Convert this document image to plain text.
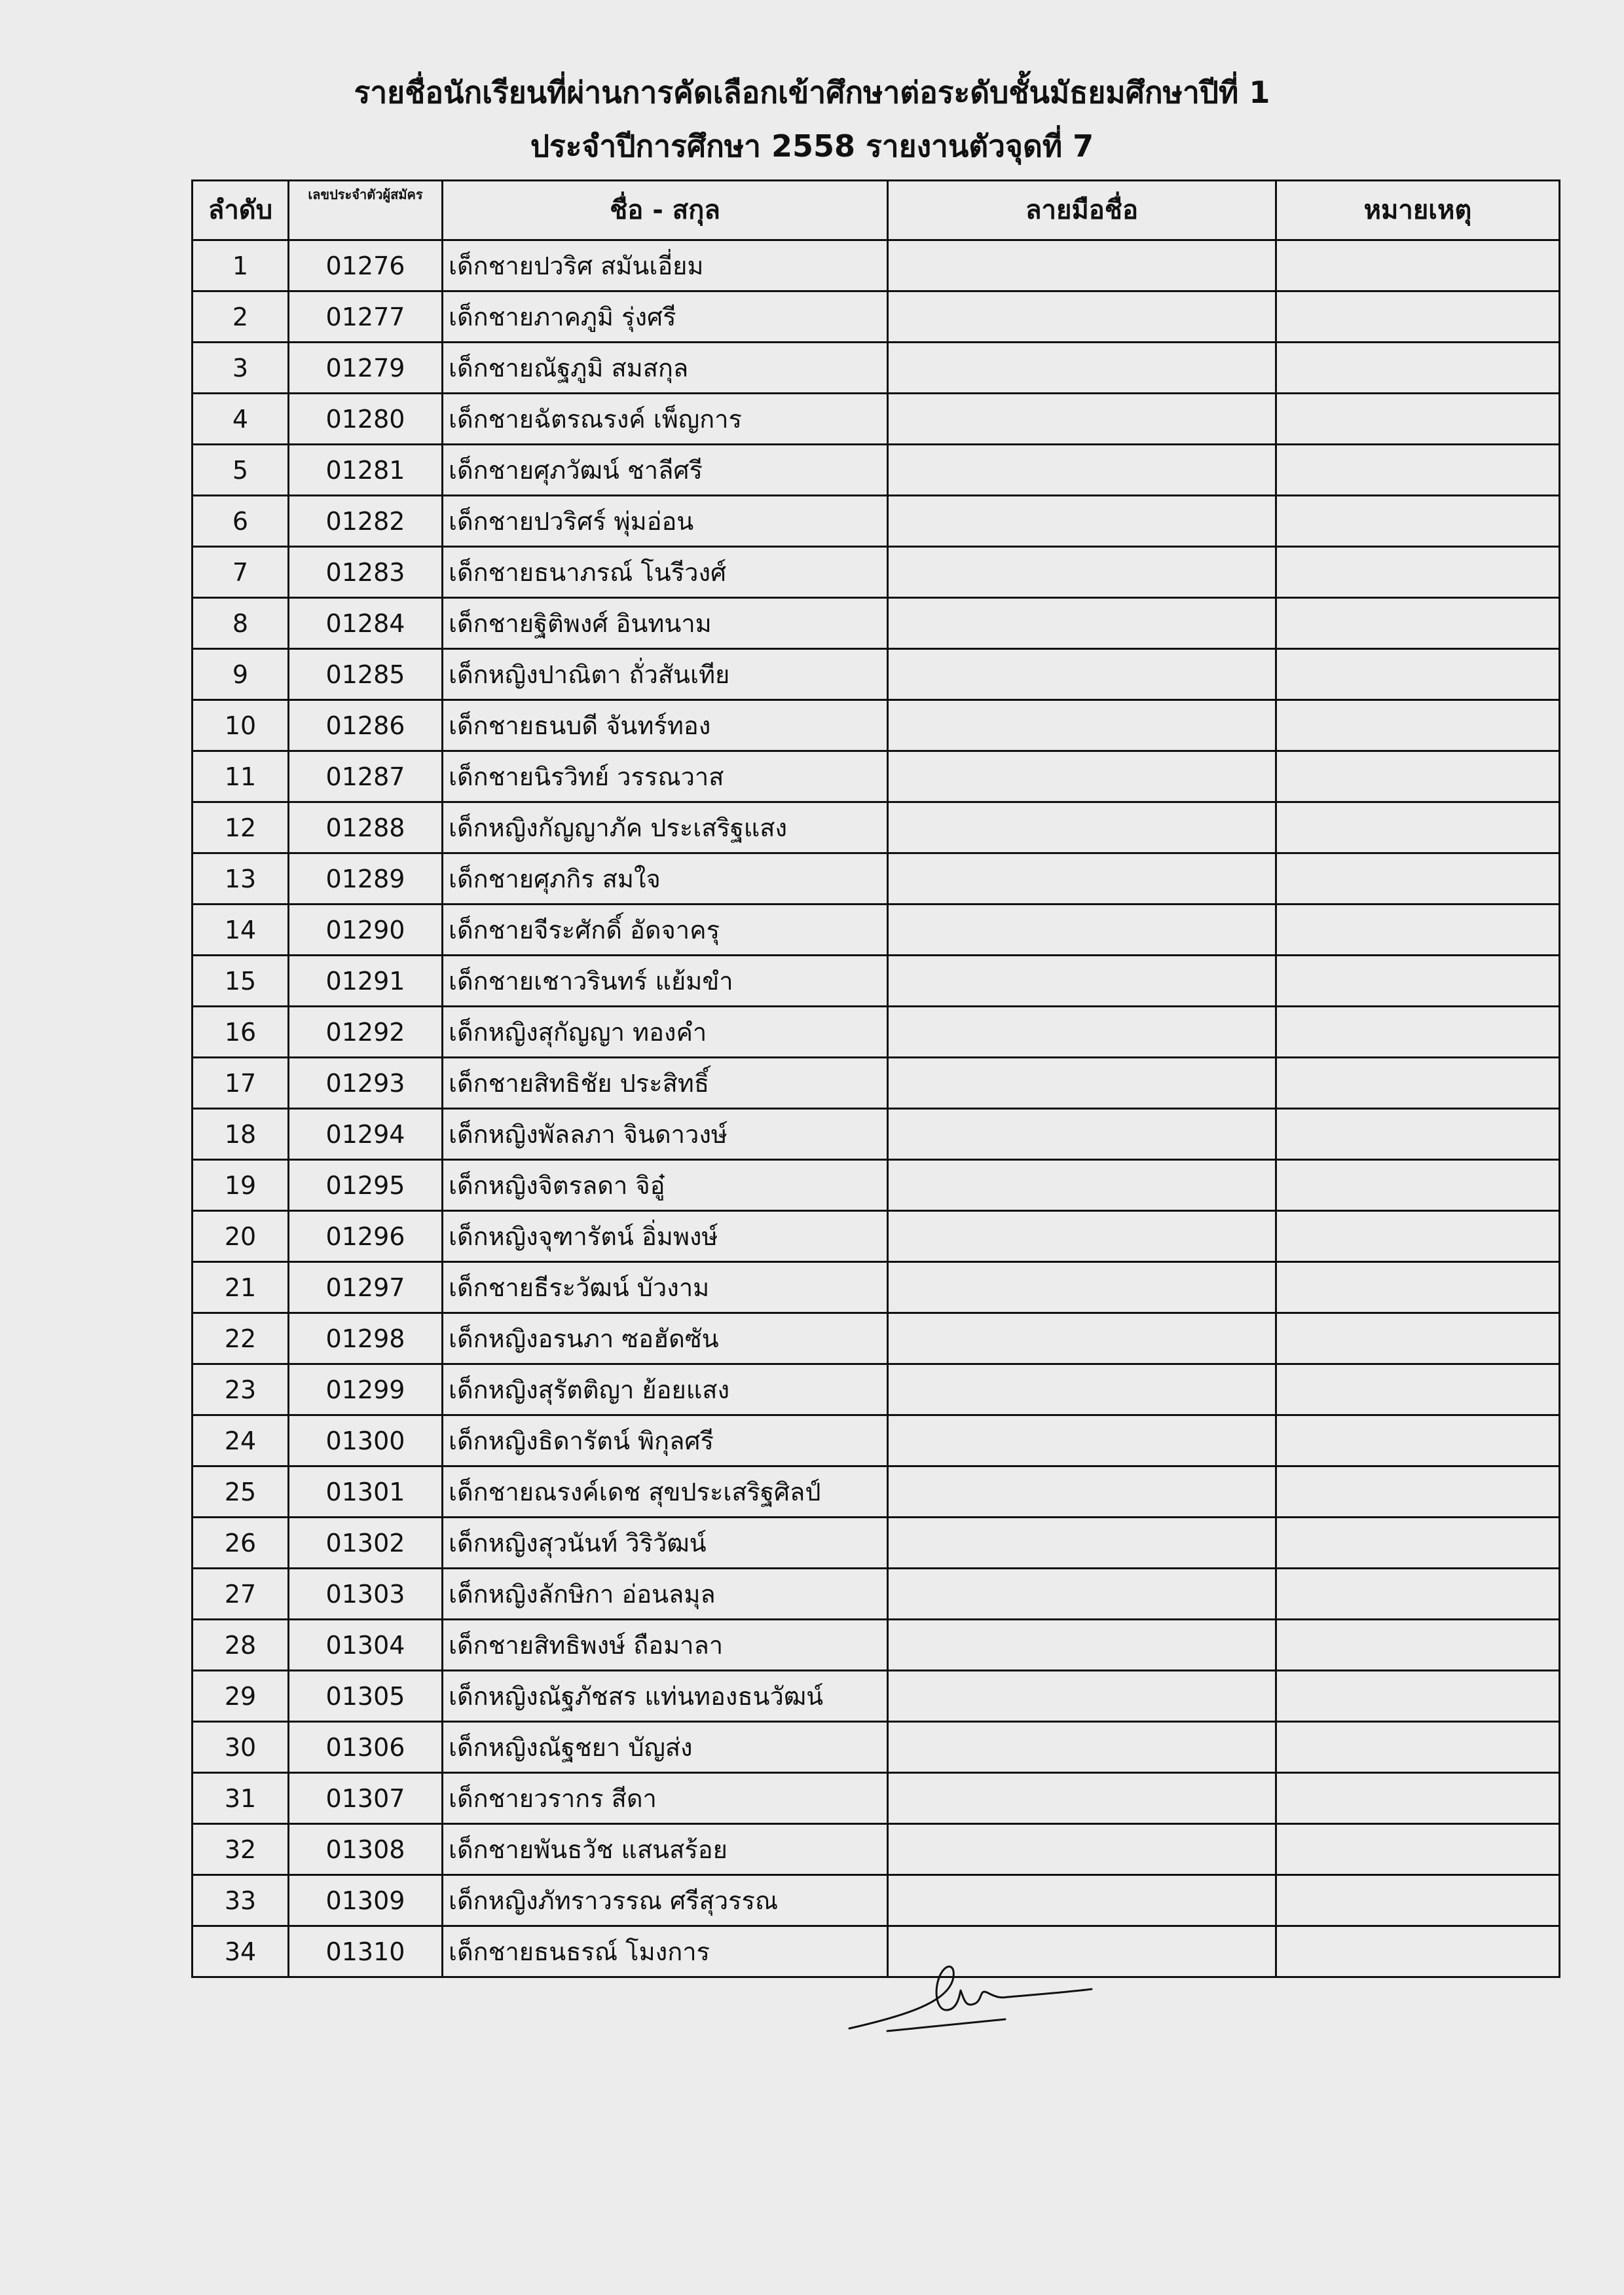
รายชื่อนักเรียนที่ผ่านการคัดเลือกเข้าศึกษาต่อระดับชั้นมัธยมศึกษาปีที่ 1
ประจำปีการศึกษา 2558 รายงานตัวจุดที่ 7
ลำดับ	เลขประจำตัวผู้สมัคร	ชื่อ - สกุล	ลายมือชื่อ	หมายเหตุ
1	01276	เด็กชายปวริศ สมันเอี่ยม		
2	01277	เด็กชายภาคภูมิ รุ่งศรี		
3	01279	เด็กชายณัฐภูมิ สมสกุล		
4	01280	เด็กชายฉัตรณรงค์ เพ็ญการ		
5	01281	เด็กชายศุภวัฒน์ ชาลีศรี		
6	01282	เด็กชายปวริศร์ พุ่มอ่อน		
7	01283	เด็กชายธนาภรณ์ โนรีวงศ์		
8	01284	เด็กชายฐิติพงศ์ อินทนาม		
9	01285	เด็กหญิงปาณิตา ถั่วสันเทีย		
10	01286	เด็กชายธนบดี จันทร์ทอง		
11	01287	เด็กชายนิรวิทย์ วรรณวาส		
12	01288	เด็กหญิงกัญญาภัค ประเสริฐแสง		
13	01289	เด็กชายศุภกิร สมใจ		
14	01290	เด็กชายจีระศักดิ์ อัดจาครุ		
15	01291	เด็กชายเชาวรินทร์ แย้มขำ		
16	01292	เด็กหญิงสุกัญญา ทองคำ		
17	01293	เด็กชายสิทธิชัย ประสิทธิ์		
18	01294	เด็กหญิงพัลลภา จินดาวงษ์		
19	01295	เด็กหญิงจิตรลดา จิอู๋		
20	01296	เด็กหญิงจุฑารัตน์ อิ่มพงษ์		
21	01297	เด็กชายธีระวัฒน์ บัวงาม		
22	01298	เด็กหญิงอรนภา ซอฮัดซัน		
23	01299	เด็กหญิงสุรัตติญา ย้อยแสง		
24	01300	เด็กหญิงธิดารัตน์ พิกุลศรี		
25	01301	เด็กชายณรงค์เดช สุขประเสริฐศิลป์		
26	01302	เด็กหญิงสุวนันท์ วิริวัฒน์		
27	01303	เด็กหญิงลักษิกา อ่อนลมุล		
28	01304	เด็กชายสิทธิพงษ์ ถือมาลา		
29	01305	เด็กหญิงณัฐภัชสร แท่นทองธนวัฒน์		
30	01306	เด็กหญิงณัฐชยา บัญส่ง		
31	01307	เด็กชายวรากร สีดา		
32	01308	เด็กชายพันธวัช แสนสร้อย		
33	01309	เด็กหญิงภัทราวรรณ ศรีสุวรรณ		
34	01310	เด็กชายธนธรณ์ โมงการ		
